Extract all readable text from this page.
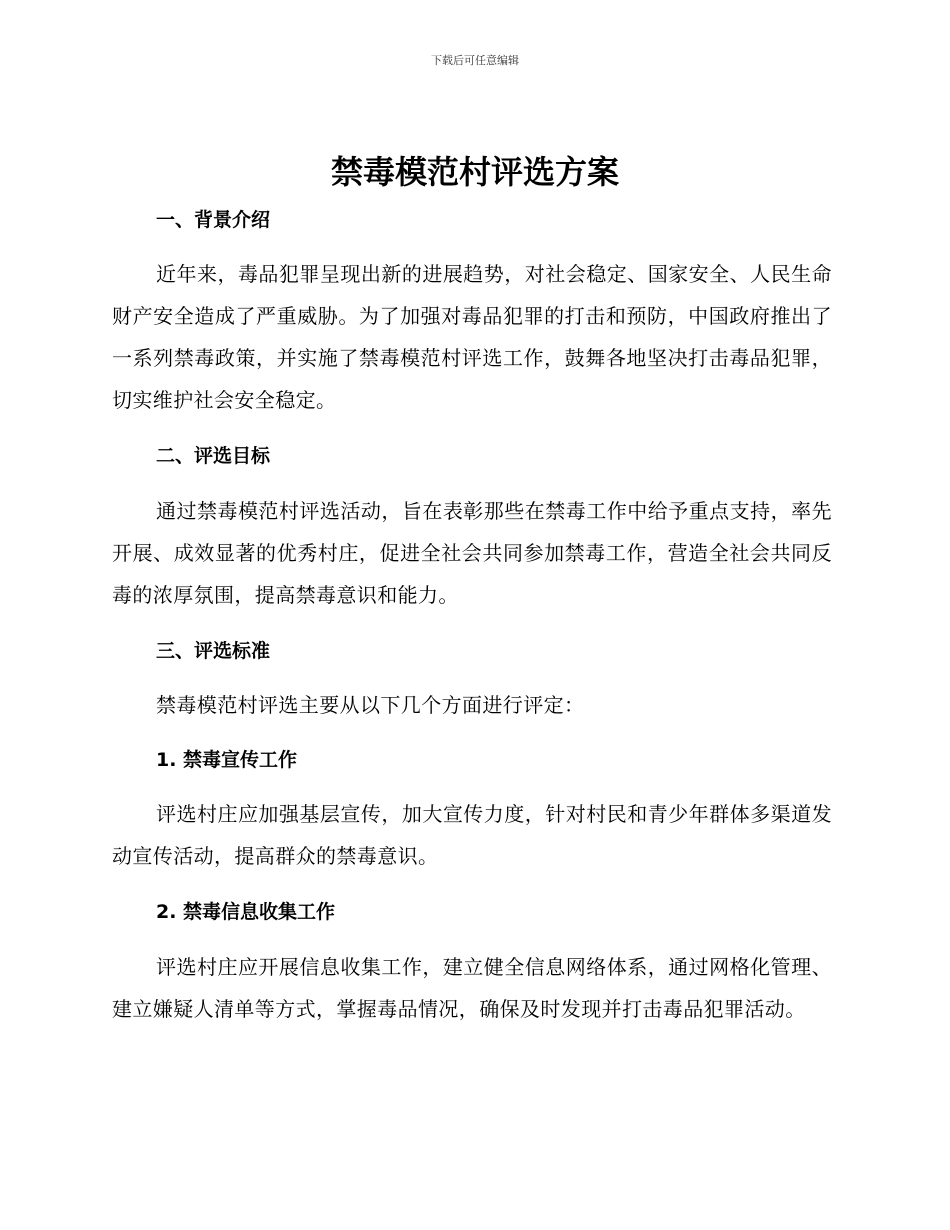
下载后可任意编辑
禁毒模范村评选方案
一、背景介绍
近年来，毒品犯罪呈现出新的进展趋势，对社会稳定、国家安全、人民生命财产安全造成了严重威胁。为了加强对毒品犯罪的打击和预防，中国政府推出了一系列禁毒政策，并实施了禁毒模范村评选工作，鼓舞各地坚决打击毒品犯罪，切实维护社会安全稳定。
二、评选目标
通过禁毒模范村评选活动，旨在表彰那些在禁毒工作中给予重点支持，率先开展、成效显著的优秀村庄，促进全社会共同参加禁毒工作，营造全社会共同反毒的浓厚氛围，提高禁毒意识和能力。
三、评选标准
禁毒模范村评选主要从以下几个方面进行评定：
1. 禁毒宣传工作
评选村庄应加强基层宣传，加大宣传力度，针对村民和青少年群体多渠道发动宣传活动，提高群众的禁毒意识。
2. 禁毒信息收集工作
评选村庄应开展信息收集工作，建立健全信息网络体系，通过网格化管理、建立嫌疑人清单等方式，掌握毒品情况，确保及时发现并打击毒品犯罪活动。
